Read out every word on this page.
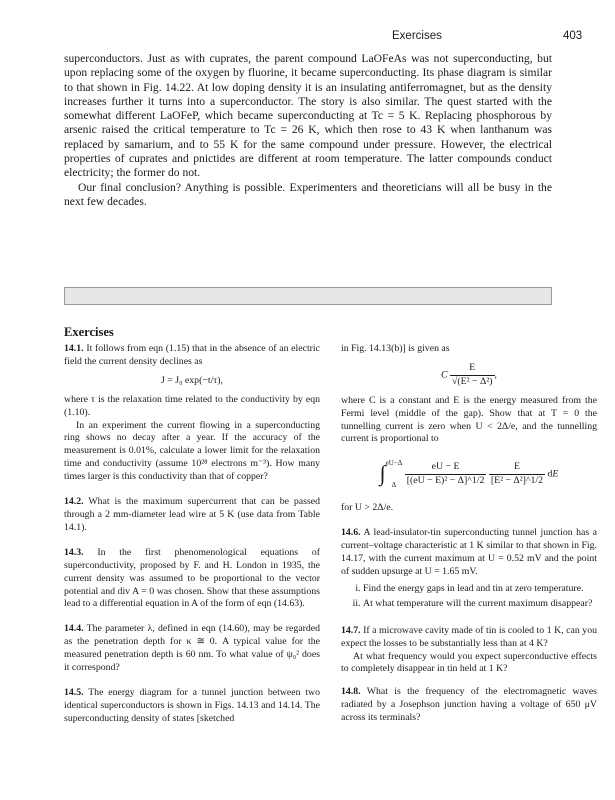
Exercises	403

superconductors. Just as with cuprates, the parent compound LaOFeAs was not superconducting, but upon replacing some of the oxygen by fluorine, it became superconducting. Its phase diagram is similar to that shown in Fig. 14.22. At low doping density it is an insulating antiferromagnet, but as the density increases further it turns into a superconductor. The story is also similar. The quest started with the somewhat different LaOFeP, which became superconducting at Tc = 5 K. Replacing phosphorous by arsenic raised the critical temperature to Tc = 26 K, which then rose to 43 K when lanthanum was replaced by samarium, and to 55 K for the same compound under pressure. However, the electrical properties of cuprates and pnictides are different at room temperature. The latter compounds conduct electricity; the former do not.

Our final conclusion? Anything is possible. Experimenters and theoreticians will all be busy in the next few decades.

Exercises

14.1. It follows from eqn (1.15) that in the absence of an electric field the current density declines as

J = J₀ exp(−t/τ),

where τ is the relaxation time related to the conductivity by eqn (1.10).

In an experiment the current flowing in a superconducting ring shows no decay after a year. If the accuracy of the measurement is 0.01%, calculate a lower limit for the relaxation time and conductivity (assume 10²⁸ electrons m⁻³). How many times larger is this conductivity than that of copper?

14.2. What is the maximum supercurrent that can be passed through a 2 mm-diameter lead wire at 5 K (use data from Table 14.1).

14.3. In the first phenomenological equations of superconductivity, proposed by F. and H. London in 1935, the current density was assumed to be proportional to the vector potential and div A = 0 was chosen. Show that these assumptions lead to a differential equation in A of the form of eqn (14.63).

14.4. The parameter λ, defined in eqn (14.60), may be regarded as the penetration depth for κ ≅ 0. A typical value for the measured penetration depth is 60 nm. To what value of ψ₀² does it correspond?

14.5. The energy diagram for a tunnel junction between two identical superconductors is shown in Figs. 14.13 and 14.14. The superconducting density of states [sketched

in Fig. 14.13(b)] is given as

C $\frac{E}{\text{√(E² − Δ²)}}$ ,

where C is a constant and E is the energy measured from the Fermi level (middle of the gap). Show that at T = 0 the tunnelling current is zero when U < 2Δ/e, and the tunnelling current is proportional to

∫eU−Δ
Δ $\frac{eU - E}{\text{[(eU − E)² − Δ]\textasciicircum{}1/2}}$
$\frac{E}{\text{[E² − Δ²]\textasciicircum{}1/2}}$ dE

for U > 2Δ/e.

14.6. A lead-insulator-tin superconducting tunnel junction has a current–voltage characteristic at 1 K similar to that shown in Fig. 14.17, with the current maximum at U = 0.52 mV and the point of sudden upsurge at U = 1.65 mV.

i. Find the energy gaps in lead and tin at zero temperature.
ii. At what temperature will the current maximum disappear?

14.7. If a microwave cavity made of tin is cooled to 1 K, can you expect the losses to be substantially less than at 4 K?

At what frequency would you expect superconductive effects to completely disappear in tin held at 1 K?

14.8. What is the frequency of the electromagnetic waves radiated by a Josephson junction having a voltage of 650 μV across its terminals?
